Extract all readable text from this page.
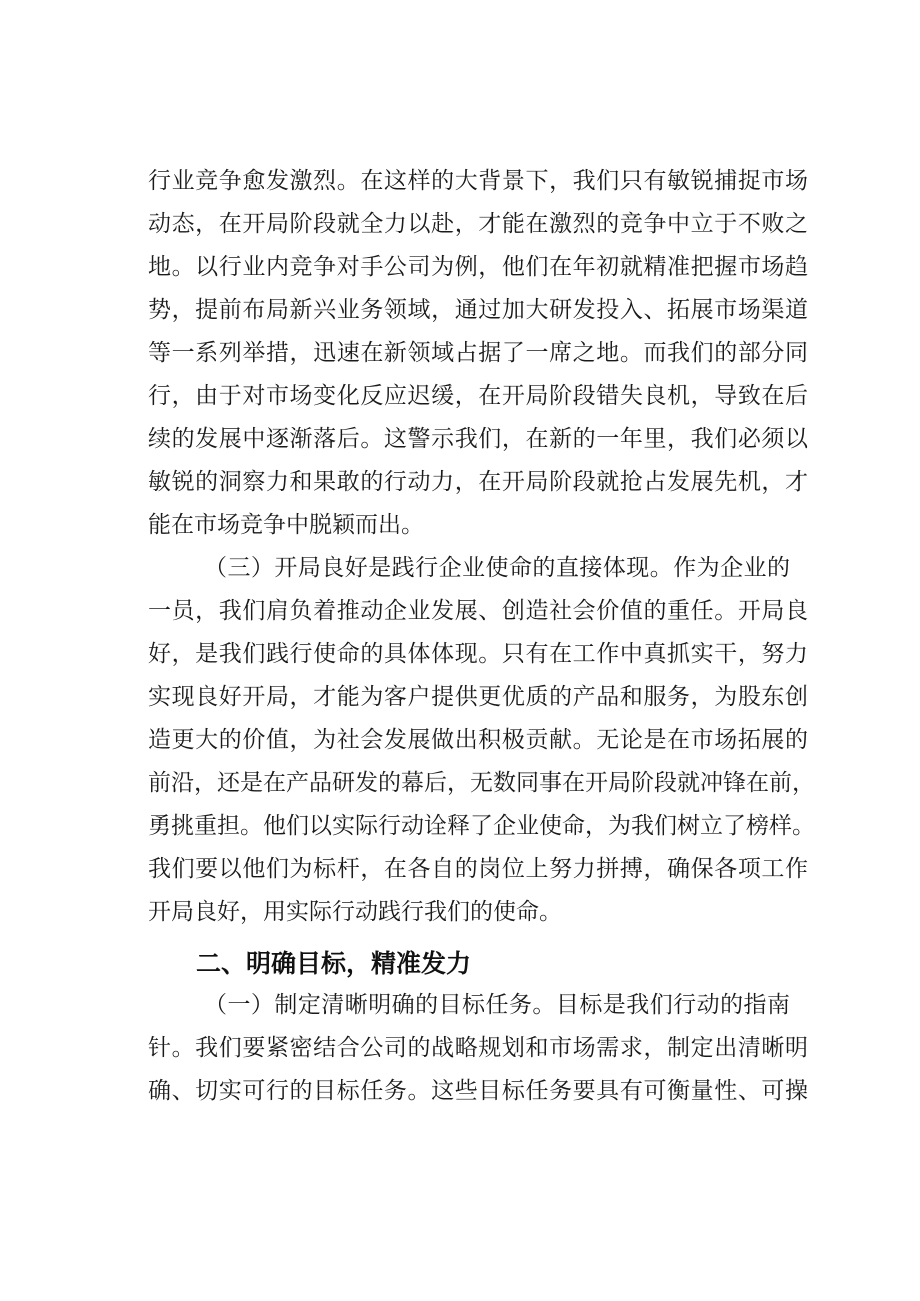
行业竞争愈发激烈。在这样的大背景下，我们只有敏锐捕捉市场
动态，在开局阶段就全力以赴，才能在激烈的竞争中立于不败之
地。以行业内竞争对手公司为例，他们在年初就精准把握市场趋
势，提前布局新兴业务领域，通过加大研发投入、拓展市场渠道
等一系列举措，迅速在新领域占据了一席之地。而我们的部分同
行，由于对市场变化反应迟缓，在开局阶段错失良机，导致在后
续的发展中逐渐落后。这警示我们，在新的一年里，我们必须以
敏锐的洞察力和果敢的行动力，在开局阶段就抢占发展先机，才
能在市场竞争中脱颖而出。
（三）开局良好是践行企业使命的直接体现。作为企业的
一员，我们肩负着推动企业发展、创造社会价值的重任。开局良
好，是我们践行使命的具体体现。只有在工作中真抓实干，努力
实现良好开局，才能为客户提供更优质的产品和服务，为股东创
造更大的价值，为社会发展做出积极贡献。无论是在市场拓展的
前沿，还是在产品研发的幕后，无数同事在开局阶段就冲锋在前，
勇挑重担。他们以实际行动诠释了企业使命，为我们树立了榜样。
我们要以他们为标杆，在各自的岗位上努力拼搏，确保各项工作
开局良好，用实际行动践行我们的使命。
二、明确目标，精准发力
（一）制定清晰明确的目标任务。目标是我们行动的指南
针。我们要紧密结合公司的战略规划和市场需求，制定出清晰明
确、切实可行的目标任务。这些目标任务要具有可衡量性、可操
